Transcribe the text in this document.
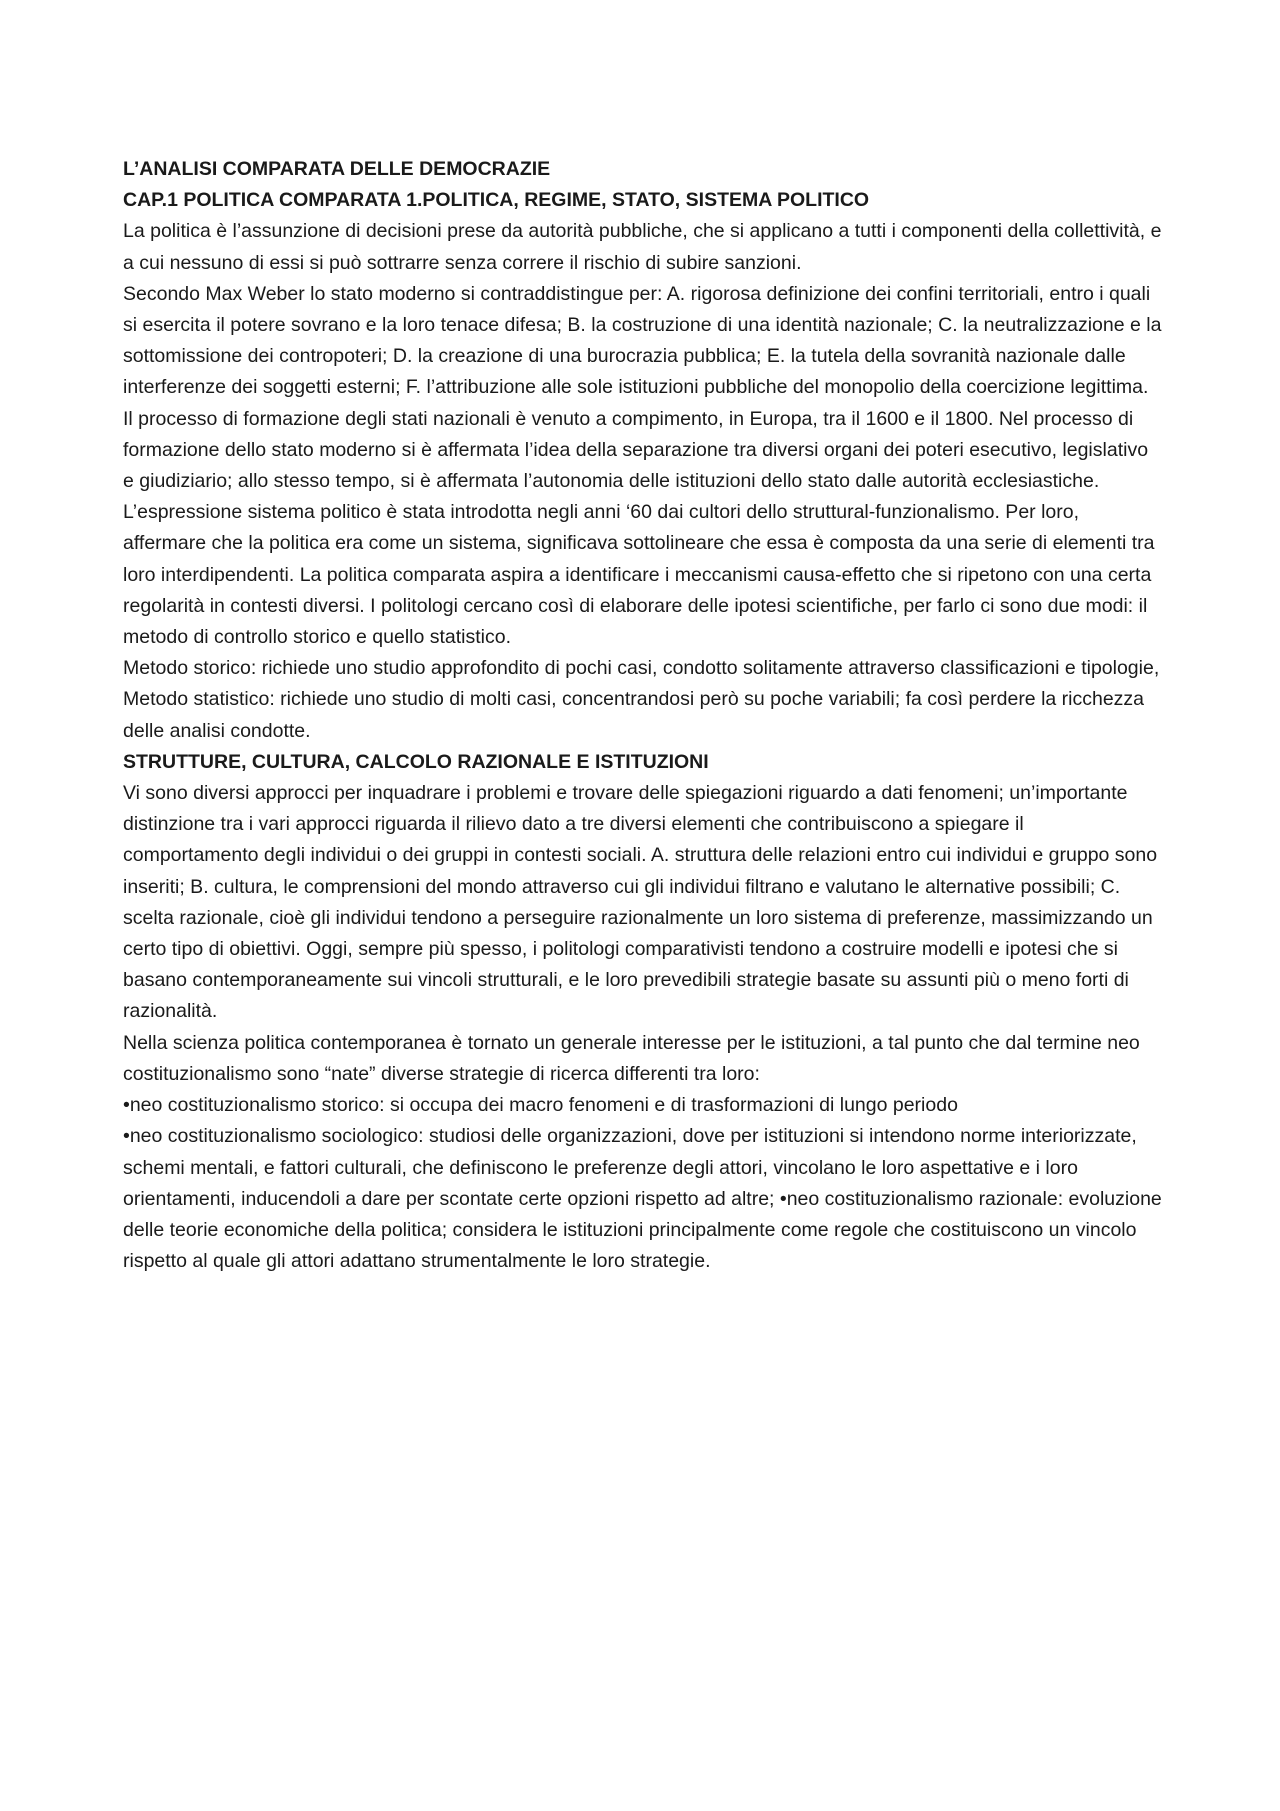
L’ANALISI COMPARATA DELLE DEMOCRAZIE

CAP.1 POLITICA COMPARATA 1.POLITICA, REGIME, STATO, SISTEMA POLITICO

La politica è l’assunzione di decisioni prese da autorità pubbliche, che si applicano a tutti i componenti della collettività, e a cui nessuno di essi si può sottrarre senza correre il rischio di subire sanzioni.

Secondo Max Weber lo stato moderno si contraddistingue per: A. rigorosa definizione dei confini territoriali, entro i quali si esercita il potere sovrano e la loro tenace difesa; B. la costruzione di una identità nazionale; C. la neutralizzazione e la sottomissione dei contropoteri; D. la creazione di una burocrazia pubblica; E. la tutela della sovranità nazionale dalle interferenze dei soggetti esterni; F. l’attribuzione alle sole istituzioni pubbliche del monopolio della coercizione legittima.

Il processo di formazione degli stati nazionali è venuto a compimento, in Europa, tra il 1600 e il 1800. Nel processo di formazione dello stato moderno si è affermata l’idea della separazione tra diversi organi dei poteri esecutivo, legislativo e giudiziario; allo stesso tempo, si è affermata l’autonomia delle istituzioni dello stato dalle autorità ecclesiastiche.

L’espressione sistema politico è stata introdotta negli anni ‘60 dai cultori dello struttural-funzionalismo. Per loro, affermare che la politica era come un sistema, significava sottolineare che essa è composta da una serie di elementi tra loro interdipendenti. La politica comparata aspira a identificare i meccanismi causa-effetto che si ripetono con una certa regolarità in contesti diversi. I politologi cercano così di elaborare delle ipotesi scientifiche, per farlo ci sono due modi: il metodo di controllo storico e quello statistico.

Metodo storico: richiede uno studio approfondito di pochi casi, condotto solitamente attraverso classificazioni e tipologie, Metodo statistico: richiede uno studio di molti casi, concentrandosi però su poche variabili; fa così perdere la ricchezza delle analisi condotte.

STRUTTURE, CULTURA, CALCOLO RAZIONALE E ISTITUZIONI

Vi sono diversi approcci per inquadrare i problemi e trovare delle spiegazioni riguardo a dati fenomeni; un’importante distinzione tra i vari approcci riguarda il rilievo dato a tre diversi elementi che contribuiscono a spiegare il comportamento degli individui o dei gruppi in contesti sociali. A. struttura delle relazioni entro cui individui e gruppo sono inseriti; B. cultura, le comprensioni del mondo attraverso cui gli individui filtrano e valutano le alternative possibili; C. scelta razionale, cioè gli individui tendono a perseguire razionalmente un loro sistema di preferenze, massimizzando un certo tipo di obiettivi. Oggi, sempre più spesso, i politologi comparativisti tendono a costruire modelli e ipotesi che si basano contemporaneamente sui vincoli strutturali, e le loro prevedibili strategie basate su assunti più o meno forti di razionalità.

Nella scienza politica contemporanea è tornato un generale interesse per le istituzioni, a tal punto che dal termine neo costituzionalismo sono “nate” diverse strategie di ricerca differenti tra loro:

•neo costituzionalismo storico: si occupa dei macro fenomeni e di trasformazioni di lungo periodo

•neo costituzionalismo sociologico: studiosi delle organizzazioni, dove per istituzioni si intendono norme interiorizzate, schemi mentali, e fattori culturali, che definiscono le preferenze degli attori, vincolano le loro aspettative e i loro orientamenti, inducendoli a dare per scontate certe opzioni rispetto ad altre; •neo costituzionalismo razionale: evoluzione delle teorie economiche della politica; considera le istituzioni principalmente come regole che costituiscono un vincolo rispetto al quale gli attori adattano strumentalmente le loro strategie.
